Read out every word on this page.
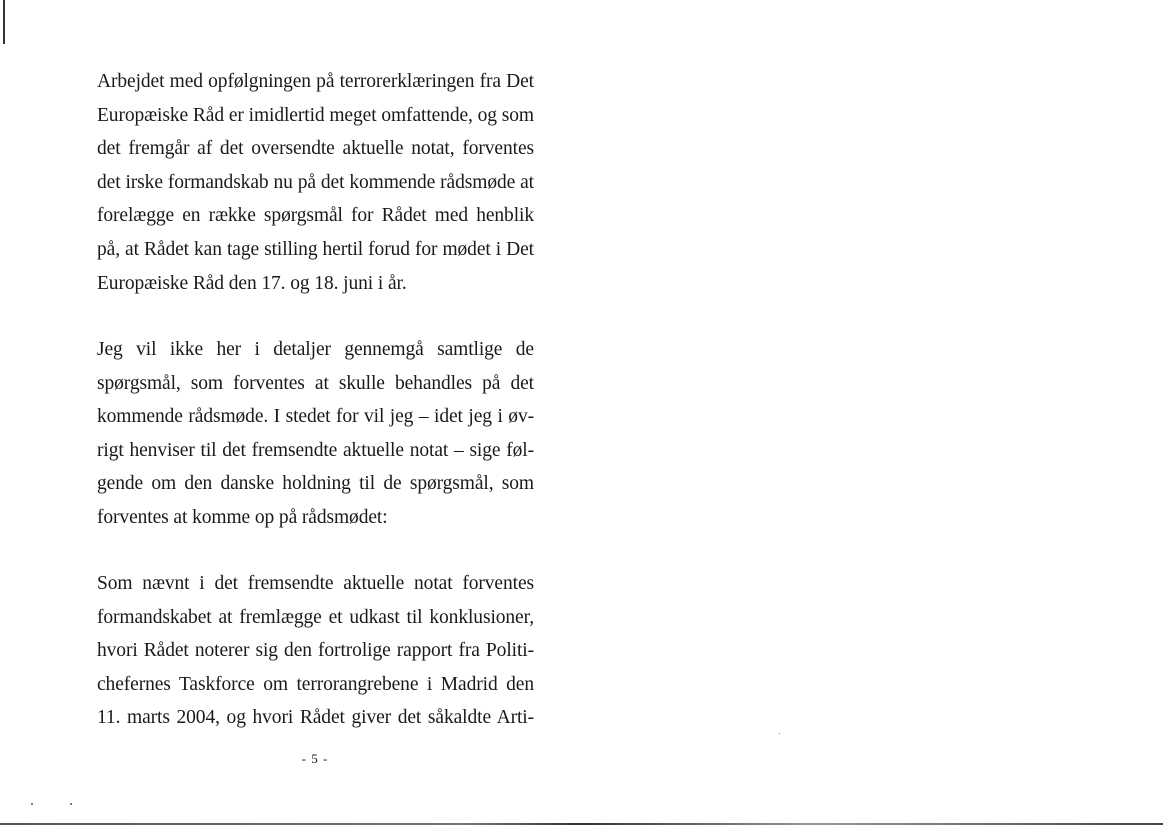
Arbejdet med opfølgningen på terrorerklæringen fra Det
Europæiske Råd er imidlertid meget omfattende, og som
det fremgår af det oversendte aktuelle notat, forventes
det irske formandskab nu på det kommende rådsmøde at
forelægge en række spørgsmål for Rådet med henblik
på, at Rådet kan tage stilling hertil forud for mødet i Det
Europæiske Råd den 17. og 18. juni i år.
Jeg vil ikke her i detaljer gennemgå samtlige de
spørgsmål, som forventes at skulle behandles på det
kommende rådsmøde. I stedet for vil jeg – idet jeg i øv-
rigt henviser til det fremsendte aktuelle notat – sige føl-
gende om den danske holdning til de spørgsmål, som
forventes at komme op på rådsmødet:
Som nævnt i det fremsendte aktuelle notat forventes
formandskabet at fremlægge et udkast til konklusioner,
hvori Rådet noterer sig den fortrolige rapport fra Politi-
chefernes Taskforce om terrorangrebene i Madrid den
11. marts 2004, og hvori Rådet giver det såkaldte Arti-
- 5 -
